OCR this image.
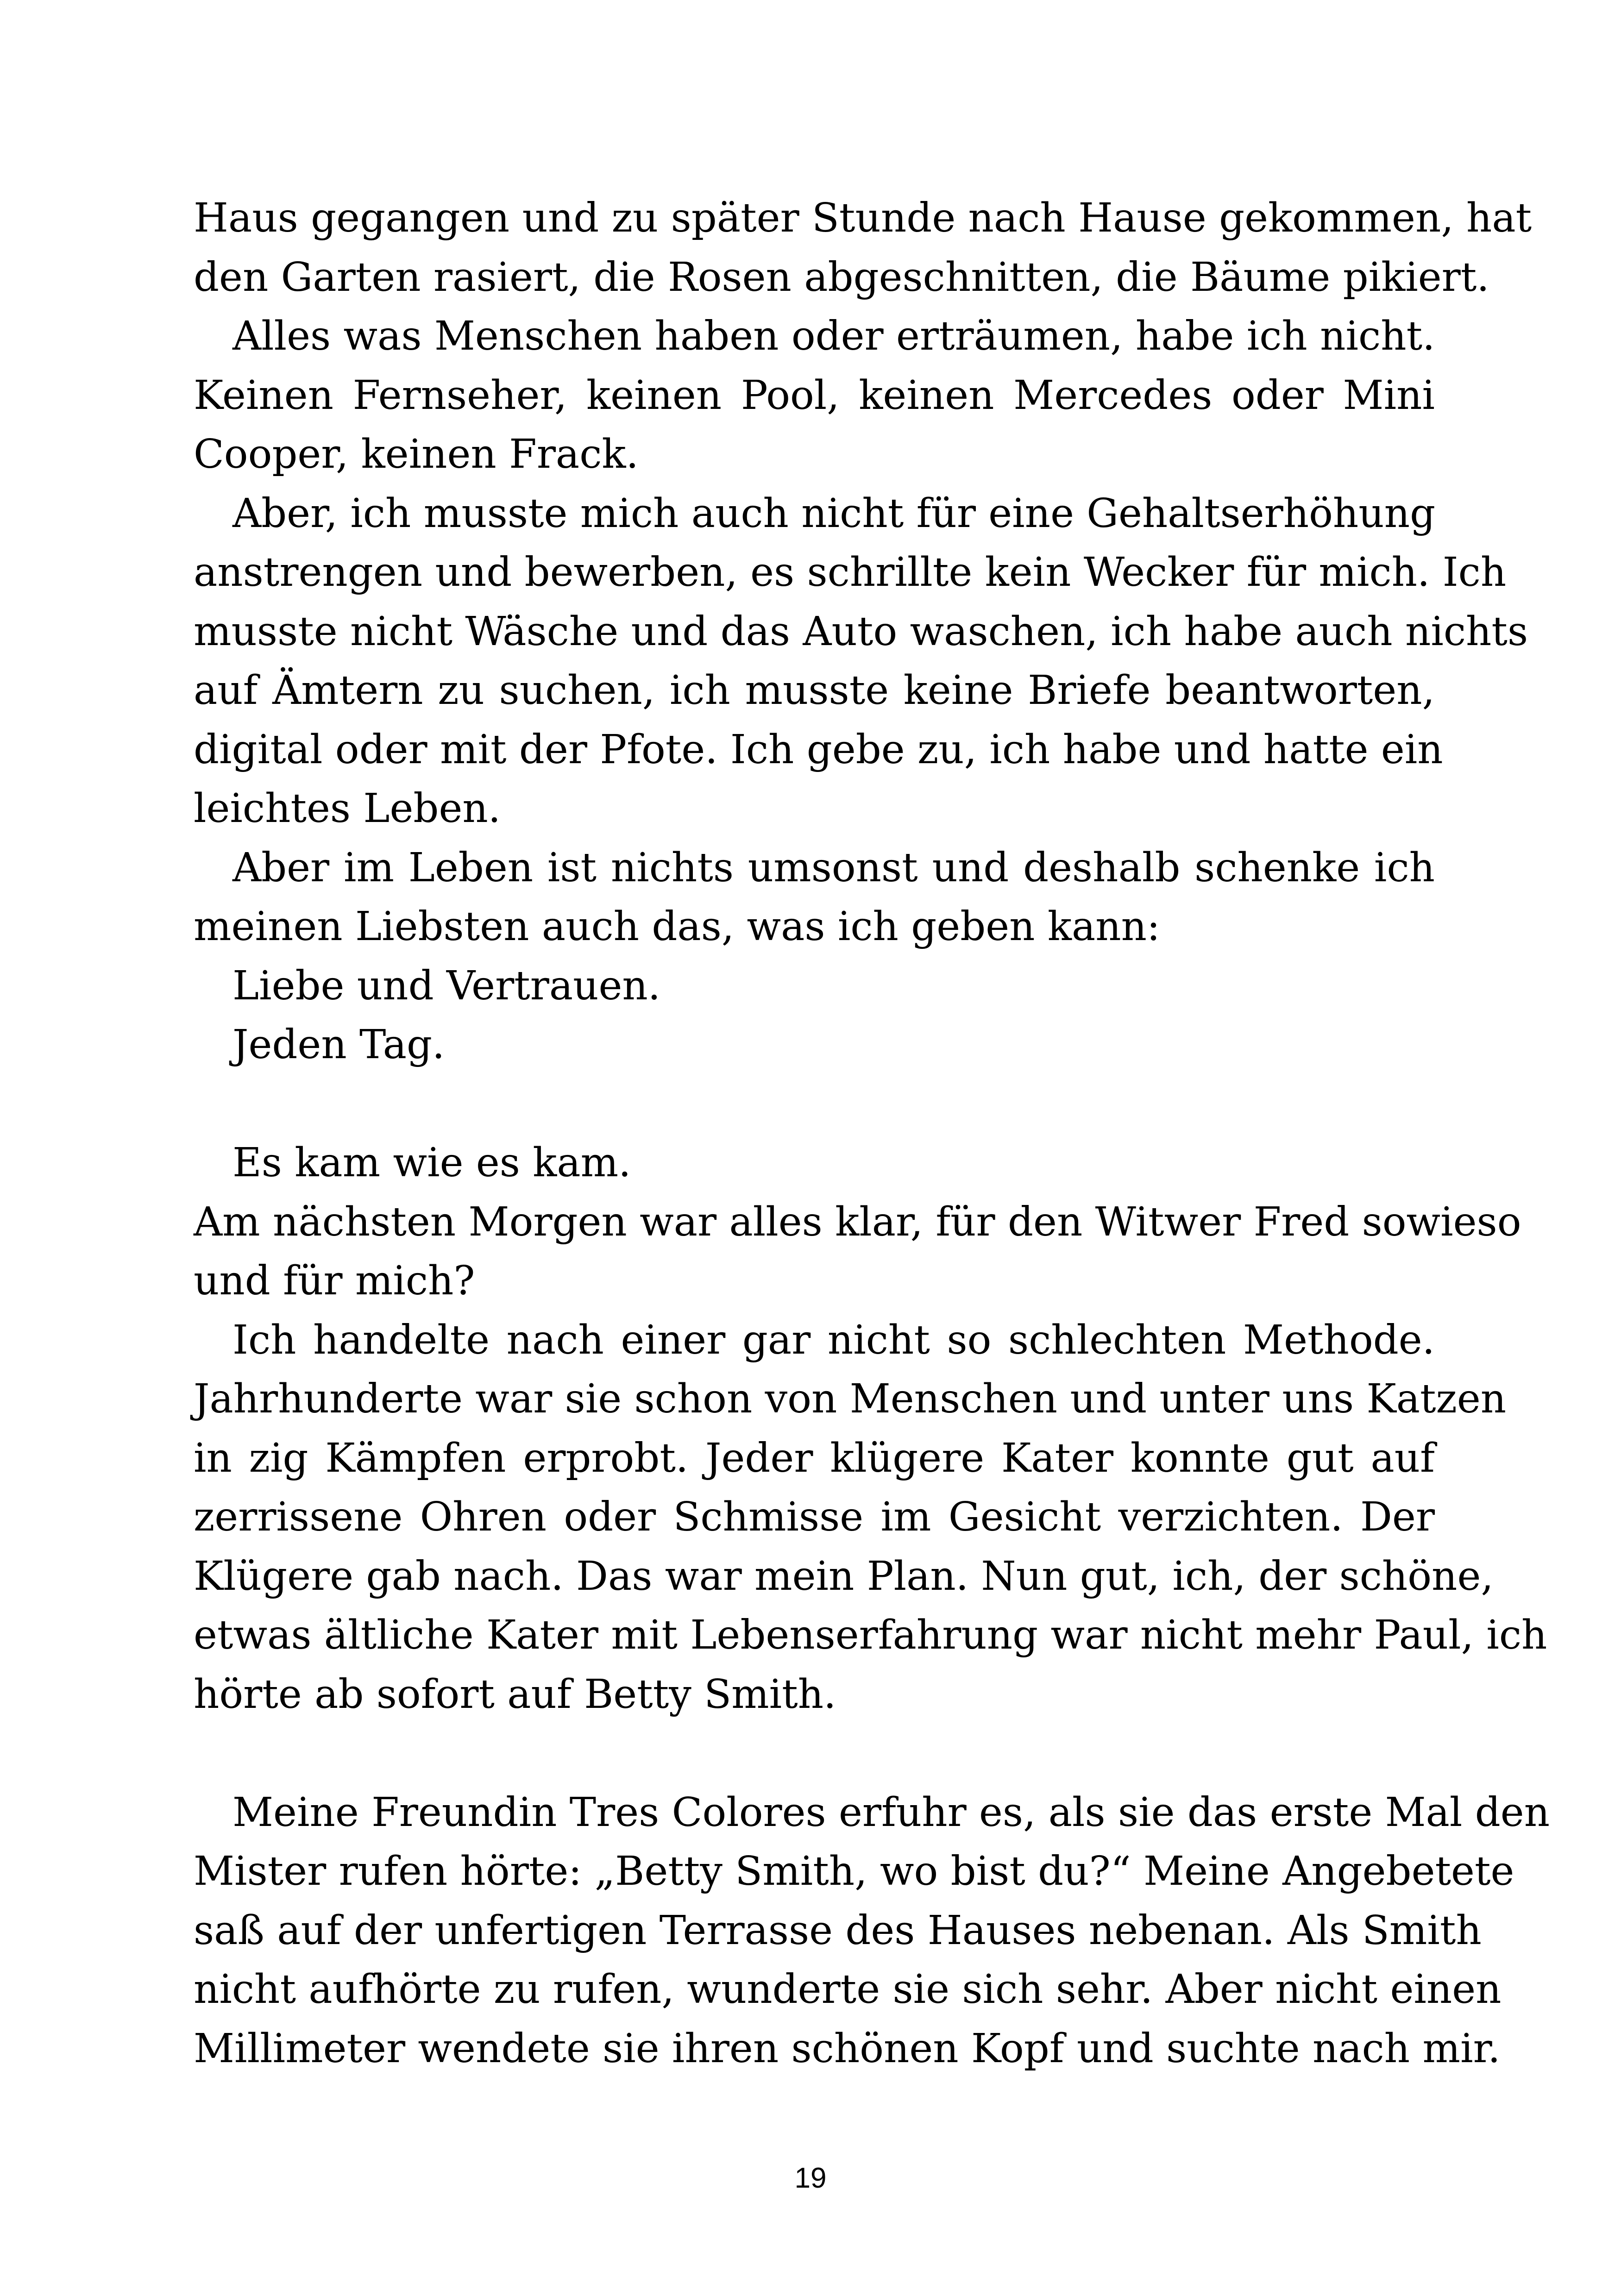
Haus gegangen und zu später Stunde nach Hause gekommen, hat
den Garten rasiert, die Rosen abgeschnitten, die Bäume pikiert.
Alles was Menschen haben oder erträumen, habe ich nicht.
Keinen Fernseher, keinen Pool, keinen Mercedes oder Mini
Cooper, keinen Frack.
Aber, ich musste mich auch nicht für eine Gehaltserhöhung
anstrengen und bewerben, es schrillte kein Wecker für mich. Ich
musste nicht Wäsche und das Auto waschen, ich habe auch nichts
auf Ämtern zu suchen, ich musste keine Briefe beantworten,
digital oder mit der Pfote. Ich gebe zu, ich habe und hatte ein
leichtes Leben.
Aber im Leben ist nichts umsonst und deshalb schenke ich
meinen Liebsten auch das, was ich geben kann:
Liebe und Vertrauen.
Jeden Tag.
Es kam wie es kam.
Am nächsten Morgen war alles klar, für den Witwer Fred sowieso
und für mich?
Ich handelte nach einer gar nicht so schlechten Methode.
Jahrhunderte war sie schon von Menschen und unter uns Katzen
in zig Kämpfen erprobt. Jeder klügere Kater konnte gut auf
zerrissene Ohren oder Schmisse im Gesicht verzichten. Der
Klügere gab nach. Das war mein Plan. Nun gut, ich, der schöne,
etwas ältliche Kater mit Lebenserfahrung war nicht mehr Paul, ich
hörte ab sofort auf Betty Smith.
Meine Freundin Tres Colores erfuhr es, als sie das erste Mal den
Mister rufen hörte: „Betty Smith, wo bist du?“ Meine Angebetete
saß auf der unfertigen Terrasse des Hauses nebenan. Als Smith
nicht aufhörte zu rufen, wunderte sie sich sehr. Aber nicht einen
Millimeter wendete sie ihren schönen Kopf und suchte nach mir.
19
